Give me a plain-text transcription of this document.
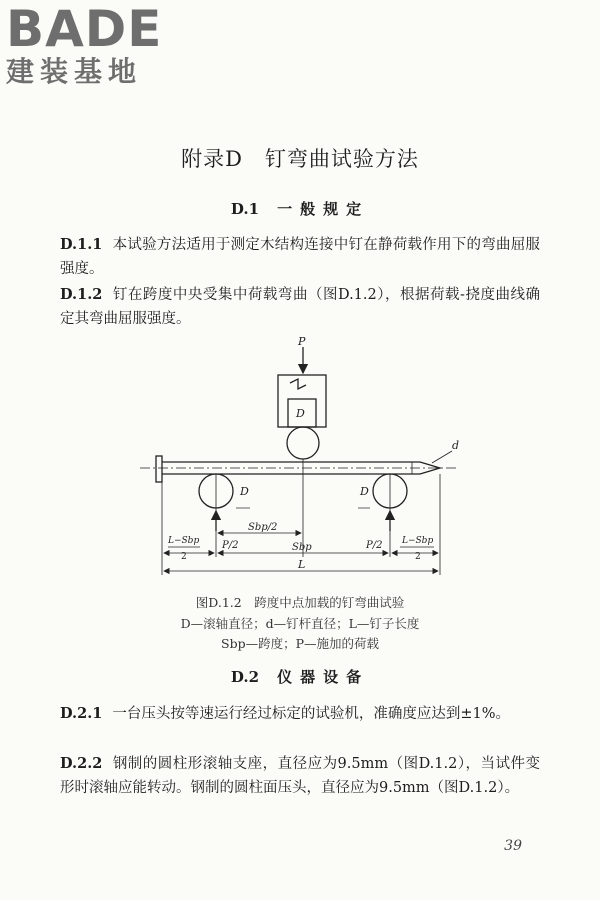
BADE
建装基地
附录D　钉弯曲试验方法
D.1 一般规定
D.1.1 本试验方法适用于测定木结构连接中钉在静荷载作用下的弯曲屈服强度。
D.1.2 钉在跨度中央受集中荷载弯曲（图D.1.2），根据荷载-挠度曲线确定其弯曲屈服强度。
P
D
D	D
d
Sbp/2
Sbp
P/2	P/2
L−Sbp	L−Sbp
2	2
L
图D.1.2　跨度中点加载的钉弯曲试验
D—滚轴直径；d—钉杆直径；L—钉子长度
Sbp—跨度；P—施加的荷载
D.2 仪器设备
D.2.1 一台压头按等速运行经过标定的试验机，准确度应达到±1%。
D.2.2 钢制的圆柱形滚轴支座，直径应为9.5mm（图D.1.2），当试件变形时滚轴应能转动。钢制的圆柱面压头，直径应为9.5mm（图D.1.2）。
39
